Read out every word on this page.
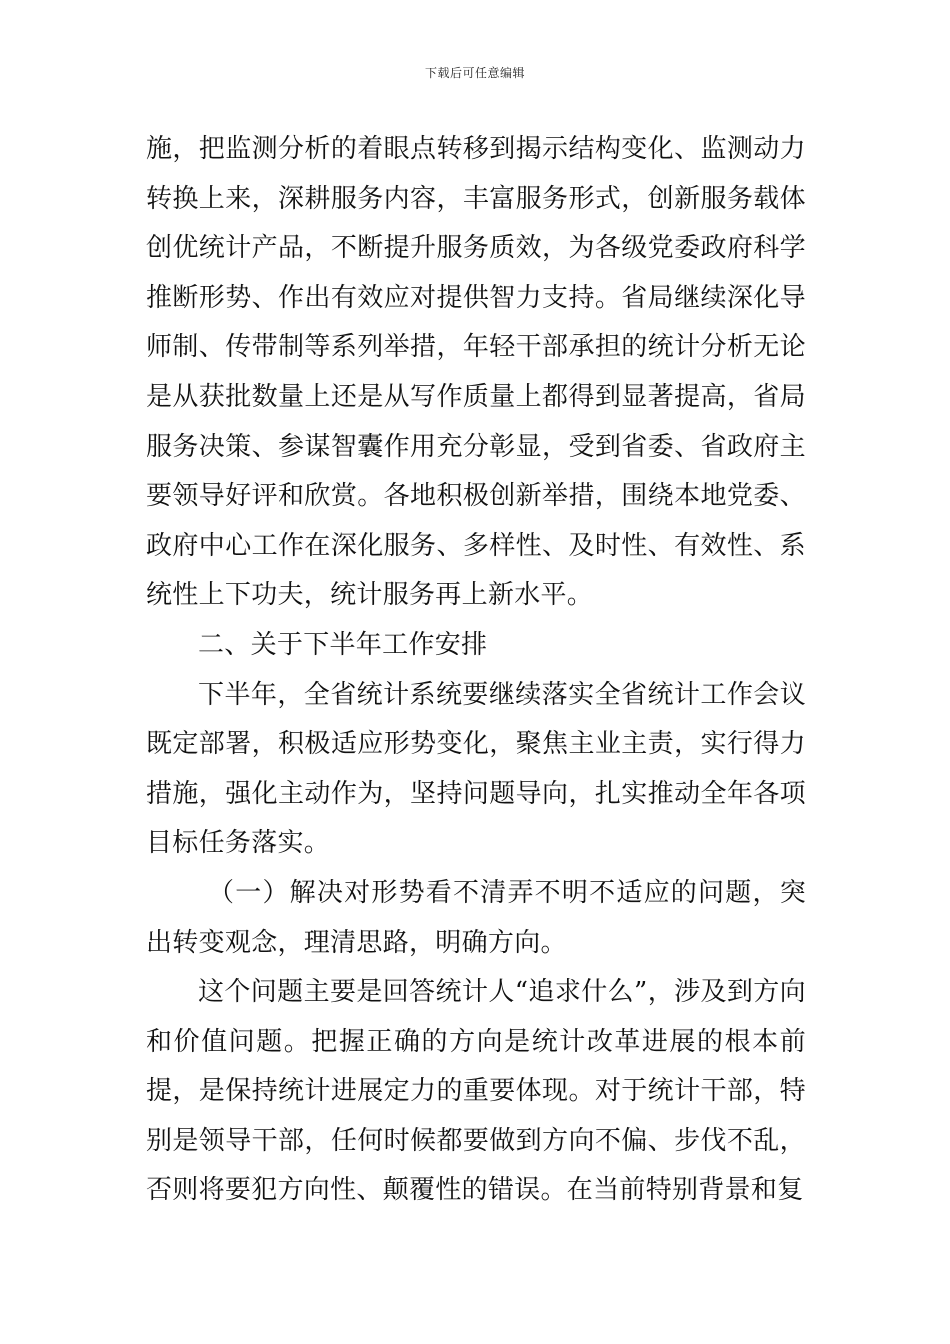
下载后可任意编辑

施，把监测分析的着眼点转移到揭示结构变化、监测动力转换上来，深耕服务内容，丰富服务形式，创新服务载体创优统计产品，不断提升服务质效，为各级党委政府科学推断形势、作出有效应对提供智力支持。省局继续深化导师制、传带制等系列举措，年轻干部承担的统计分析无论是从获批数量上还是从写作质量上都得到显著提高，省局服务决策、参谋智囊作用充分彰显，受到省委、省政府主要领导好评和欣赏。各地积极创新举措，围绕本地党委、政府中心工作在深化服务、多样性、及时性、有效性、系统性上下功夫，统计服务再上新水平。

二、关于下半年工作安排

下半年，全省统计系统要继续落实全省统计工作会议既定部署，积极适应形势变化，聚焦主业主责，实行得力措施，强化主动作为，坚持问题导向，扎实推动全年各项目标任务落实。

（一）解决对形势看不清弄不明不适应的问题，突出转变观念，理清思路，明确方向。

这个问题主要是回答统计人“追求什么”，涉及到方向和价值问题。把握正确的方向是统计改革进展的根本前提，是保持统计进展定力的重要体现。对于统计干部，特别是领导干部，任何时候都要做到方向不偏、步伐不乱，否则将要犯方向性、颠覆性的错误。在当前特别背景和复
